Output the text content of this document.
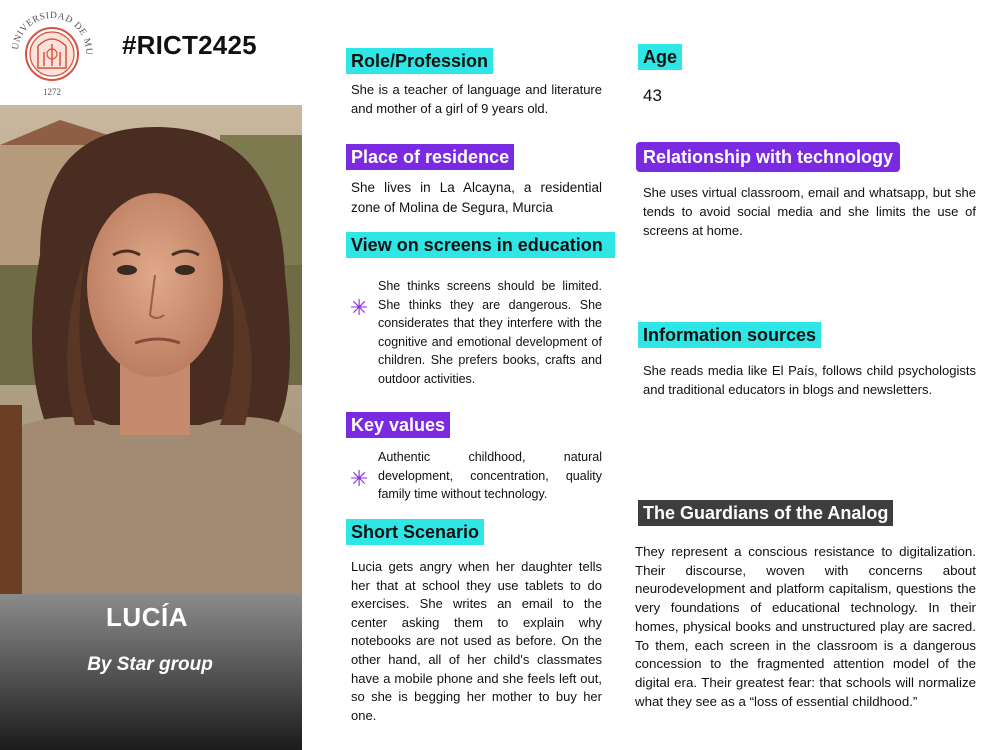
UNIVERSIDAD DE MU
1272
#RICT2425
LUCÍA
By Star group
Role/Profession
She is a teacher of language and literature and mother of a girl of 9 years old.
Place of residence
She lives in La Alcayna, a residential zone of Molina de Segura, Murcia
View on screens in education
✳
She thinks screens should be limited. She thinks they are dangerous. She considerates that they interfere with the cognitive and emotional development of children. She prefers books, crafts and outdoor activities.
Key values
✳
Authentic childhood, natural development, concentration, quality family time without technology.
Short Scenario
Lucia gets angry when her daughter tells her that at school they use tablets to do exercises. She writes an email to the center asking them to explain why notebooks are not used as before. On the other hand, all of her child's classmates have a mobile phone and she feels left out, so she is begging her mother to buy her one.
Age
43
Relationship with technology
She uses virtual classroom, email and whatsapp, but she tends to avoid social media and she limits the use of screens at home.
Information sources
She reads media like El País, follows child psychologists and traditional educators in blogs and newsletters.
The Guardians of the Analog
They represent a conscious resistance to digitalization. Their discourse, woven with concerns about neurodevelopment and platform capitalism, questions the very foundations of educational technology. In their homes, physical books and unstructured play are sacred. To them, each screen in the classroom is a dangerous concession to the fragmented attention model of the digital era. Their greatest fear: that schools will normalize what they see as a “loss of essential childhood.”
